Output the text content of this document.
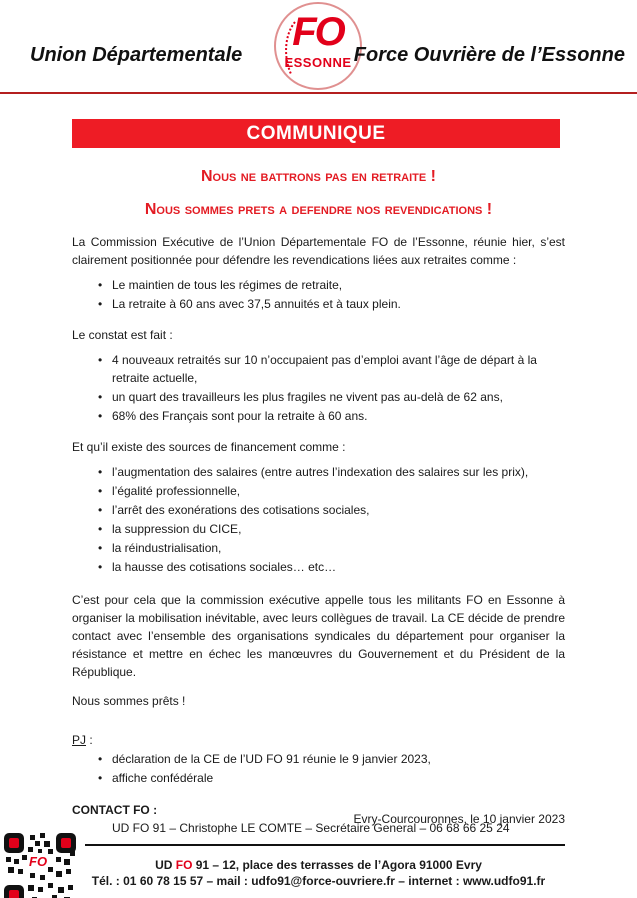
Union Départementale
FO
ESSONNE Force Ouvrière de l’Essonne
COMMUNIQUE
Nous ne battrons pas en retraite !
Nous sommes prets a defendre nos revendications !

La Commission Exécutive de l’Union Départementale FO de l’Essonne, réunie hier, s’est clairement positionnée pour défendre les revendications liées aux retraites comme :

• Le maintien de tous les régimes de retraite,
• La retraite à 60 ans avec 37,5 annuités et à taux plein.

Le constat est fait :

• 4 nouveaux retraités sur 10 n’occupaient pas d’emploi avant l’âge de départ à la retraite actuelle,
• un quart des travailleurs les plus fragiles ne vivent pas au-delà de 62 ans,
• 68% des Français sont pour la retraite à 60 ans.

Et qu’il existe des sources de financement comme :

• l’augmentation des salaires (entre autres l’indexation des salaires sur les prix),
• l’égalité professionnelle,
• l’arrêt des exonérations des cotisations sociales,
• la suppression du CICE,
• la réindustrialisation,
• la hausse des cotisations sociales… etc…

C’est pour cela que la commission exécutive appelle tous les militants FO en Essonne à organiser la mobilisation inévitable, avec leurs collègues de travail. La CE décide de prendre contact avec l’ensemble des organisations syndicales du département pour organiser la résistance et mettre en échec les manœuvres du Gouvernement et du Président de la République.

Nous sommes prêts !

PJ :

• déclaration de la CE de l’UD FO 91 réunie le 9 janvier 2023,
• affiche confédérale

CONTACT FO :

UD FO 91 – Christophe LE COMTE – Secrétaire General – 06 68 66 25 24

Evry-Courcouronnes, le 10 janvier 2023
FO	UD FO 91 – 12, place des terrasses de l’Agora 91000 Evry
Tél. : 01 60 78 15 57 – mail : udfo91@force-ouvriere.fr – internet : www.udfo91.fr
